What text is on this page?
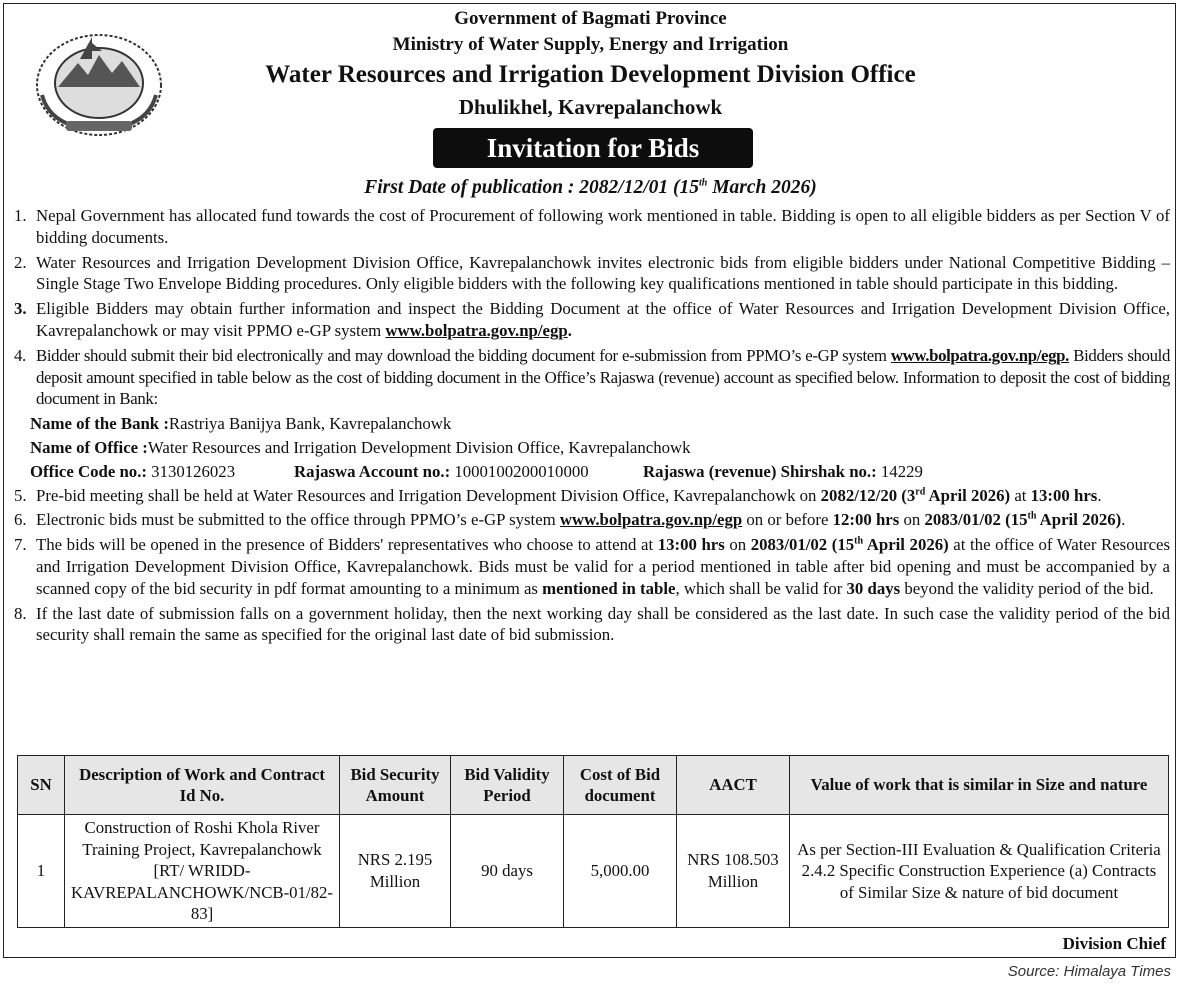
Government of Bagmati Province
Ministry of Water Supply, Energy and Irrigation
Water Resources and Irrigation Development Division Office
Dhulikhel, Kavrepalanchowk
Invitation for Bids
First Date of publication : 2082/12/01 (15th March 2026)
1. Nepal Government has allocated fund towards the cost of Procurement of following work mentioned in table. Bidding is open to all eligible bidders as per Section V of bidding documents.
2. Water Resources and Irrigation Development Division Office, Kavrepalanchowk invites electronic bids from eligible bidders under National Competitive Bidding – Single Stage Two Envelope Bidding procedures. Only eligible bidders with the following key qualifications mentioned in table should participate in this bidding.
3. Eligible Bidders may obtain further information and inspect the Bidding Document at the office of Water Resources and Irrigation Development Division Office, Kavrepalanchowk or may visit PPMO e-GP system www.bolpatra.gov.np/egp.
4. Bidder should submit their bid electronically and may download the bidding document for e-submission from PPMO’s e-GP system www.bolpatra.gov.np/egp. Bidders should deposit amount specified in table below as the cost of bidding document in the Office’s Rajaswa (revenue) account as specified below. Information to deposit the cost of bidding document in Bank:
Name of the Bank : Rastriya Banijya Bank, Kavrepalanchowk
Name of Office : Water Resources and Irrigation Development Division Office, Kavrepalanchowk
Office Code no.: 3130126023	Rajaswa Account no.: 1000100200010000	Rajaswa (revenue) Shirshak no.: 14229
5. Pre-bid meeting shall be held at Water Resources and Irrigation Development Division Office, Kavrepalanchowk on 2082/12/20 (3rd April 2026) at 13:00 hrs.
6. Electronic bids must be submitted to the office through PPMO’s e-GP system www.bolpatra.gov.np/egp on or before 12:00 hrs on 2083/01/02 (15th April 2026).
7. The bids will be opened in the presence of Bidders' representatives who choose to attend at 13:00 hrs on 2083/01/02 (15th April 2026) at the office of Water Resources and Irrigation Development Division Office, Kavrepalanchowk. Bids must be valid for a period mentioned in table after bid opening and must be accompanied by a scanned copy of the bid security in pdf format amounting to a minimum as mentioned in table, which shall be valid for 30 days beyond the validity period of the bid.
8. If the last date of submission falls on a government holiday, then the next working day shall be considered as the last date. In such case the validity period of the bid security shall remain the same as specified for the original last date of bid submission.
SN	Description of Work and Contract Id No.	Bid Security Amount	Bid Validity Period	Cost of Bid document	AACT	Value of work that is similar in Size and nature
1	Construction of Roshi Khola River Training Project, Kavrepalanchowk [RT/ WRIDD-KAVREPALANCHOWK/NCB-01/82-83]	NRS 2.195 Million	90 days	5,000.00	NRS 108.503 Million	As per Section-III Evaluation & Qualification Criteria 2.4.2 Specific Construction Experience (a) Contracts of Similar Size & nature of bid document
Division Chief
Source: Himalaya Times
